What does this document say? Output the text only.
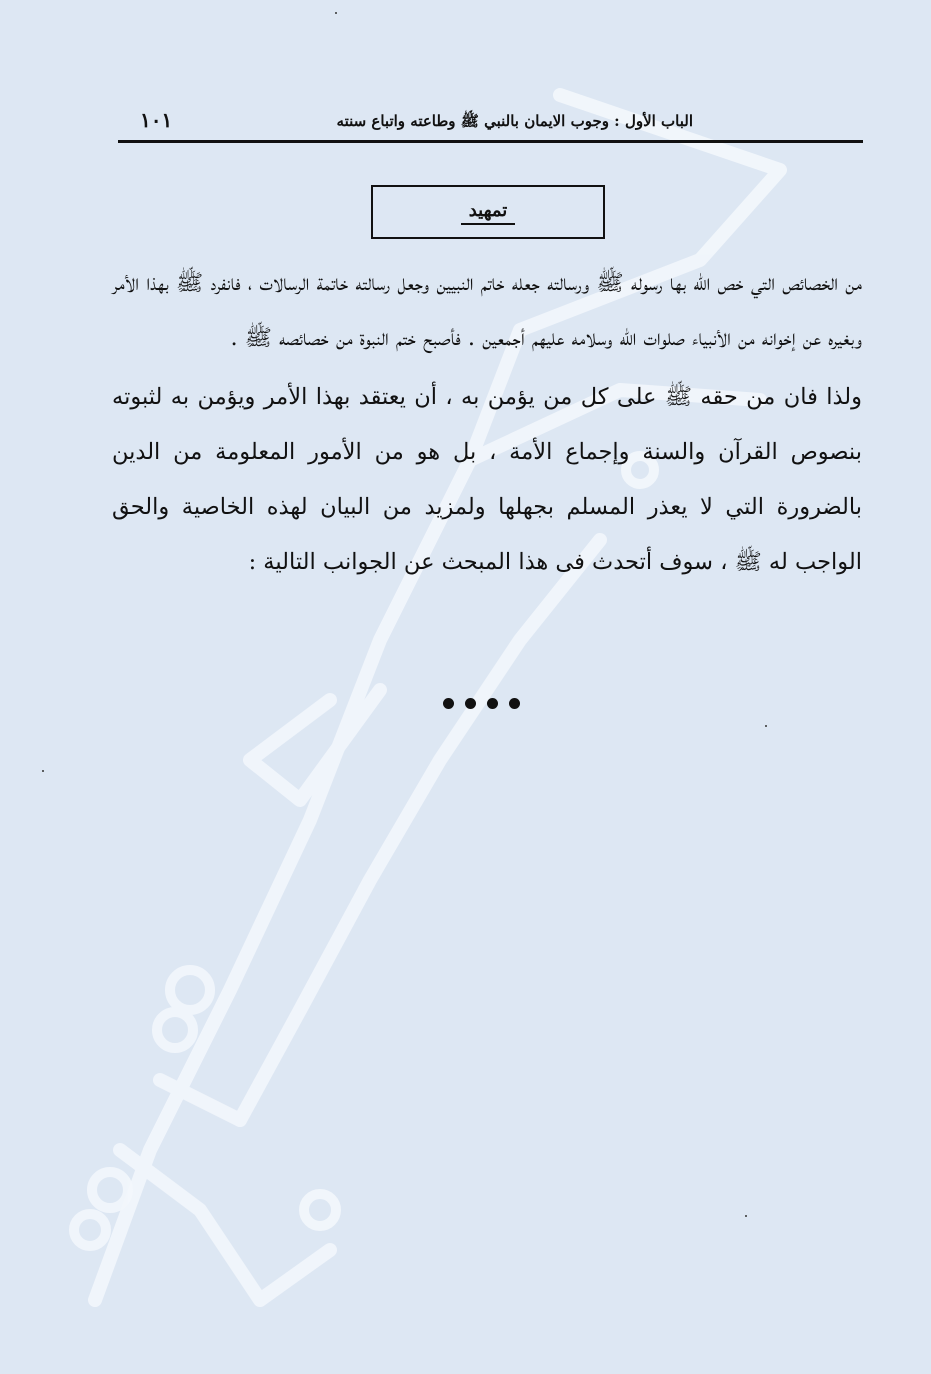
الباب الأول : وجوب الايمان بالنبي ﷺ وطاعته واتباع سنته
١٠١
تمهيد

من الخصائص التي خص الله بها رسوله ﷺ ورسالته جعله خاتم النبيين وجعل رسالته خاتمة الرسالات ، فانفرد ﷺ بهذا الأمر وبغيره عن إخوانه من الأنبياء صلوات الله وسلامه عليهم أجمعين . فأصبح ختم النبوة من خصائصه ﷺ .

ولذا فان من حقه ﷺ على كل من يؤمن به ، أن يعتقد بهذا الأمر ويؤمن به لثبوته بنصوص القرآن والسنة وإجماع الأمة ، بل هو من الأمور المعلومة من الدين بالضرورة التي لا يعذر المسلم بجهلها ولمزيد من البيان لهذه الخاصية والحق الواجب له ﷺ ، سوف أتحدث فى هذا المبحث عن الجوانب التالية :
